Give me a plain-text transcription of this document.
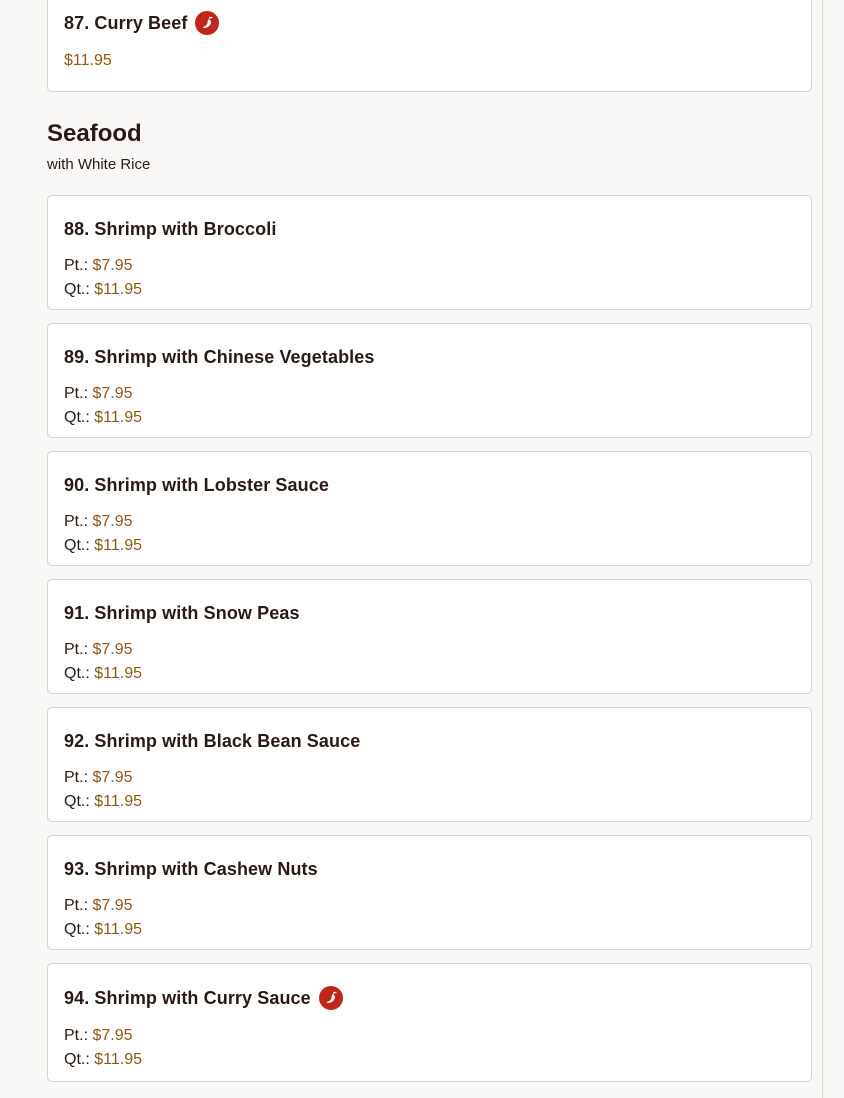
87. Curry Beef
$11.95
Seafood
with White Rice
88. Shrimp with Broccoli
Pt.: $7.95
Qt.: $11.95
89. Shrimp with Chinese Vegetables
Pt.: $7.95
Qt.: $11.95
90. Shrimp with Lobster Sauce
Pt.: $7.95
Qt.: $11.95
91. Shrimp with Snow Peas
Pt.: $7.95
Qt.: $11.95
92. Shrimp with Black Bean Sauce
Pt.: $7.95
Qt.: $11.95
93. Shrimp with Cashew Nuts
Pt.: $7.95
Qt.: $11.95
94. Shrimp with Curry Sauce
Pt.: $7.95
Qt.: $11.95
